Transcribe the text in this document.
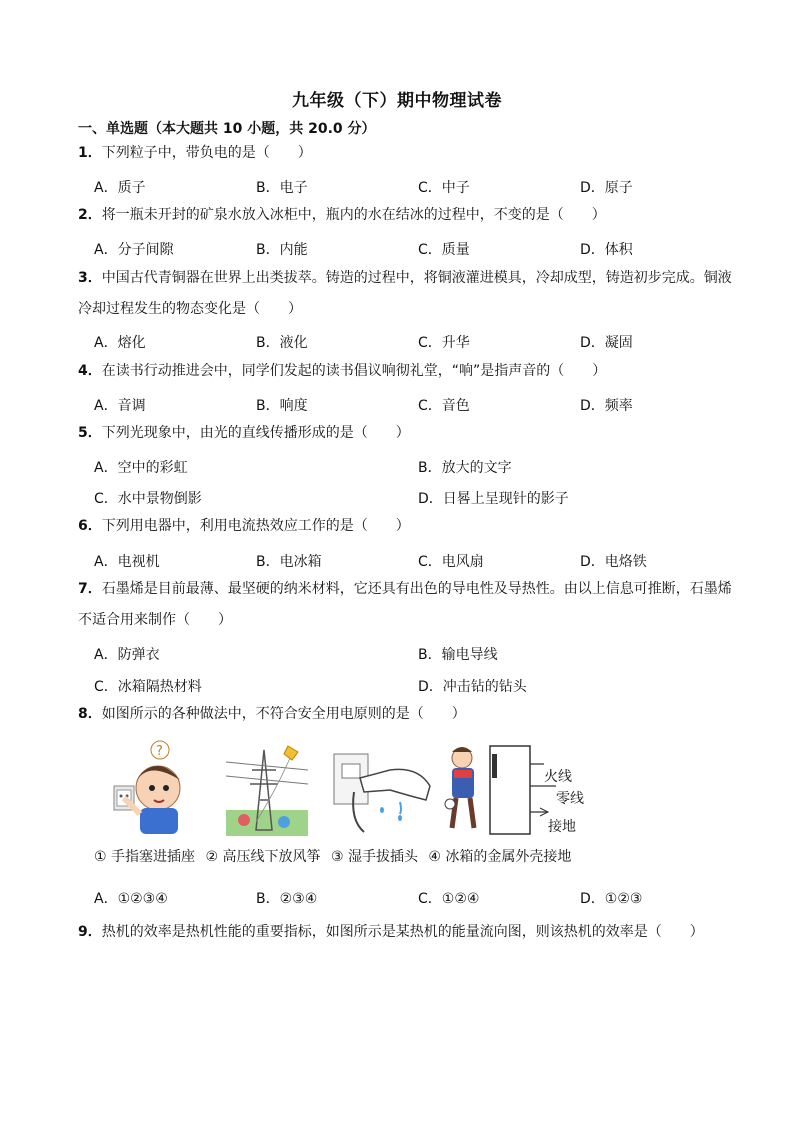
九年级（下）期中物理试卷
一、单选题（本大题共 10 小题，共 20.0 分）
1．下列粒子中，带负电的是（　　）
A．质子	B．电子	C．中子	D．原子
2．将一瓶未开封的矿泉水放入冰柜中，瓶内的水在结冰的过程中，不变的是（　　）
A．分子间隙	B．内能	C．质量	D．体积
3．中国古代青铜器在世界上出类拔萃。铸造的过程中，将铜液灌进模具，冷却成型，铸造初步完成。铜液冷却过程发生的物态变化是（　　）
A．熔化	B．液化	C．升华	D．凝固
4．在读书行动推进会中，同学们发起的读书倡议响彻礼堂，“响”是指声音的（　　）
A．音调	B．响度	C．音色	D．频率
5．下列光现象中，由光的直线传播形成的是（　　）
A．空中的彩虹	B．放大的文字
C．水中景物倒影	D．日晷上呈现针的影子
6．下列用电器中，利用电流热效应工作的是（　　）
A．电视机	B．电冰箱	C．电风扇	D．电烙铁
7．石墨烯是目前最薄、最坚硬的纳米材料，它还具有出色的导电性及导热性。由以上信息可推断，石墨烯不适合用来制作（　　）
A．防弹衣	B．输电导线
C．冰箱隔热材料	D．冲击钻的钻头
8．如图所示的各种做法中，不符合安全用电原则的是（　　）
?
火线
零线
接地
① 手指塞进插座 ② 高压线下放风筝 ③ 湿手拔插头 ④ 冰箱的金属外壳接地
A．①②③④	B．②③④	C．①②④	D．①②③
9．热机的效率是热机性能的重要指标，如图所示是某热机的能量流向图，则该热机的效率是（　　）
